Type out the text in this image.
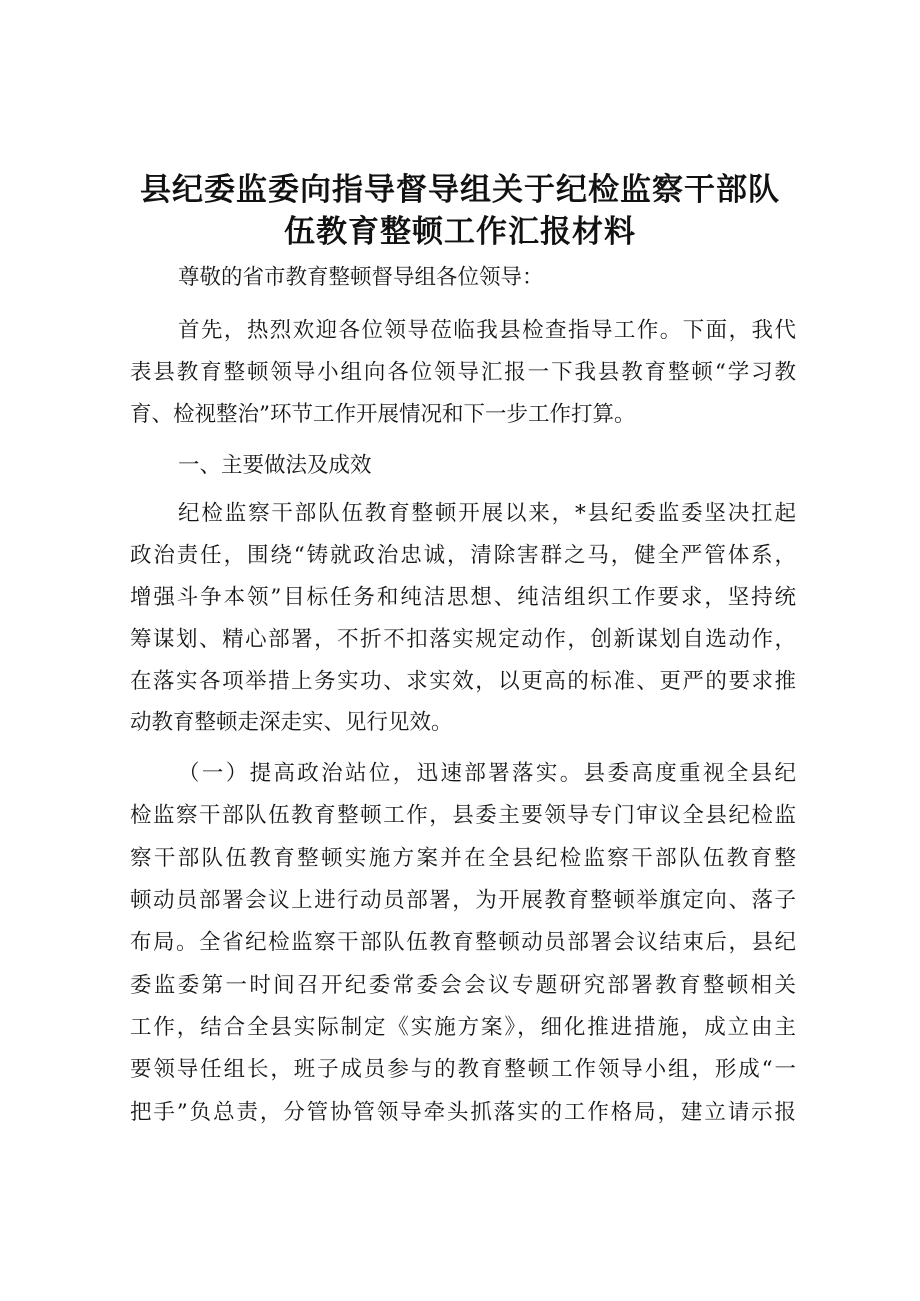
县纪委监委向指导督导组关于纪检监察干部队
伍教育整顿工作汇报材料

尊敬的省市教育整顿督导组各位领导：

首先，热烈欢迎各位领导莅临我县检查指导工作。下面，我代

表县教育整顿领导小组向各位领导汇报一下我县教育整顿“学习教

育、检视整治”环节工作开展情况和下一步工作打算。

一、主要做法及成效

纪检监察干部队伍教育整顿开展以来，*县纪委监委坚决扛起

政治责任，围绕“铸就政治忠诚，清除害群之马，健全严管体系，

增强斗争本领”目标任务和纯洁思想、纯洁组织工作要求，坚持统

筹谋划、精心部署，不折不扣落实规定动作，创新谋划自选动作，

在落实各项举措上务实功、求实效，以更高的标准、更严的要求推

动教育整顿走深走实、见行见效。

（一）提高政治站位，迅速部署落实。县委高度重视全县纪

检监察干部队伍教育整顿工作，县委主要领导专门审议全县纪检监

察干部队伍教育整顿实施方案并在全县纪检监察干部队伍教育整

顿动员部署会议上进行动员部署，为开展教育整顿举旗定向、落子

布局。全省纪检监察干部队伍教育整顿动员部署会议结束后，县纪

委监委第一时间召开纪委常委会会议专题研究部署教育整顿相关

工作，结合全县实际制定《实施方案》，细化推进措施，成立由主

要领导任组长，班子成员参与的教育整顿工作领导小组，形成“一

把手”负总责，分管协管领导牵头抓落实的工作格局，建立请示报
